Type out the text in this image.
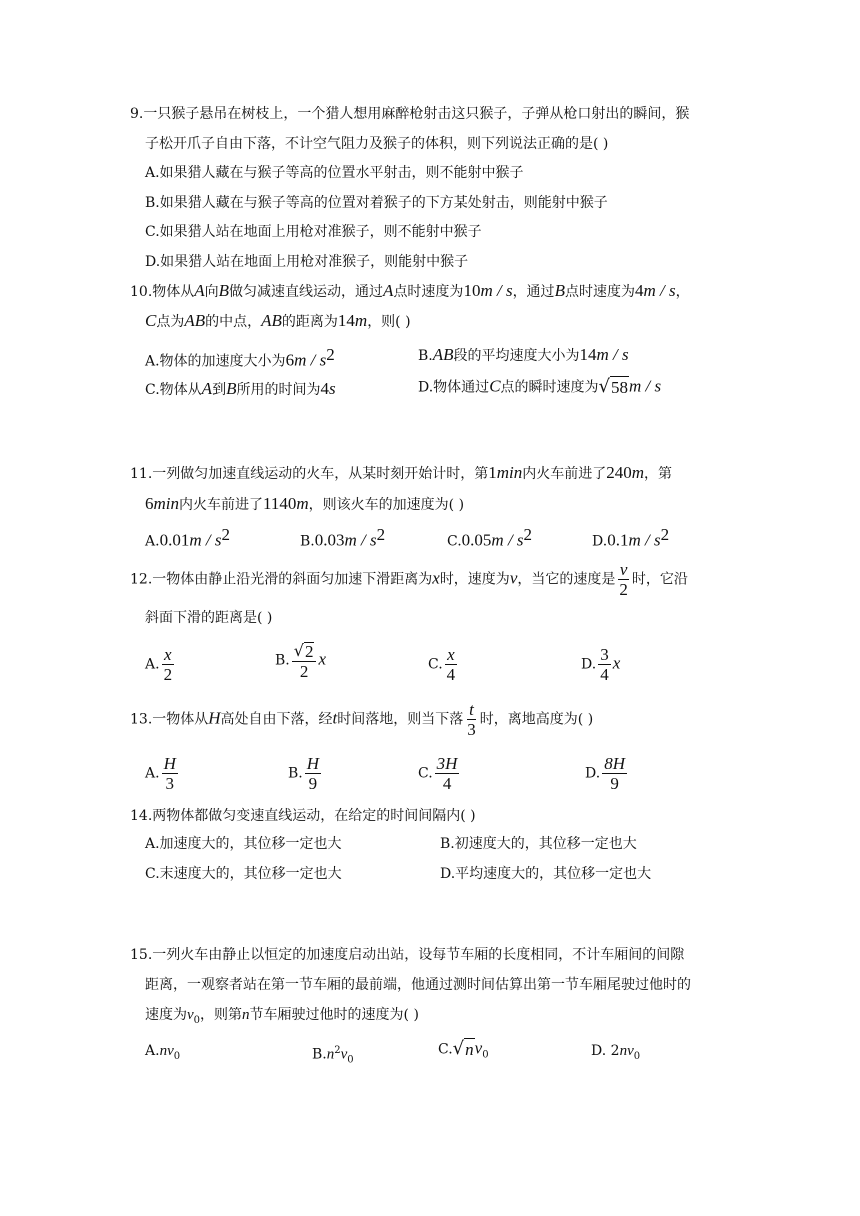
9.一只猴子悬吊在树枝上，一个猎人想用麻醉枪射击这只猴子，子弹从枪口射出的瞬间，猴
子松开爪子自由下落，不计空气阻力及猴子的体积，则下列说法正确的是( )
A.如果猎人藏在与猴子等高的位置水平射击，则不能射中猴子
B.如果猎人藏在与猴子等高的位置对着猴子的下方某处射击，则能射中猴子
C.如果猎人站在地面上用枪对准猴子，则不能射中猴子
D.如果猎人站在地面上用枪对准猴子，则能射中猴子
10.物体从A向B做匀减速直线运动，通过A点时速度为10m / s，通过B点时速度为4m / s，
C点为AB的中点，AB的距离为14m，则( )
A.物体的加速度大小为$6m / s^2$	B.AB段的平均速度大小为14m / s
C.物体从A到B所用的时间为4s	D.物体通过C点的瞬时速度为 √ 58 m / s
11.一列做匀加速直线运动的火车，从某时刻开始计时，第1min内火车前进了240m，第
6min内火车前进了1140m，则该火车的加速度为( )
$A.0.01m / s^2$	$B.0.03m / s^2$	$C.0.05m / s^2$	$D.0.1m / s^2$
12.一物体由静止沿光滑的斜面匀加速下滑距离为x时，速度为v，当它的速度是 $\frac{v}{2}$ 时，它沿
斜面下滑的距离是( )
A. $\frac{x}{2}$	B. $\frac{√ 2}{2}$ x	C. $\frac{x}{4}$	D. $\frac{3}{4}$ x
13.一物体从H高处自由下落，经t时间落地，则当下落 $\frac{t}{3}$ 时，离地高度为( )
A. $\frac{H}{3}$	B. $\frac{H}{9}$	C. $\frac{3H}{4}$	D. $\frac{8H}{9}$
14.两物体都做匀变速直线运动，在给定的时间间隔内( )
A.加速度大的，其位移一定也大	B.初速度大的，其位移一定也大
C.末速度大的，其位移一定也大	D.平均速度大的，其位移一定也大
15.一列火车由静止以恒定的加速度启动出站，设每节车厢的长度相同，不计车厢间的间隙
距离，一观察者站在第一节车厢的最前端，他通过测时间估算出第一节车厢尾驶过他时的
速度为$v_0$，则第n节车厢驶过他时的速度为( )
$A.nv_0$	$B.n^2v_0$
C. √ n $v_0$	D. $2nv_0$
